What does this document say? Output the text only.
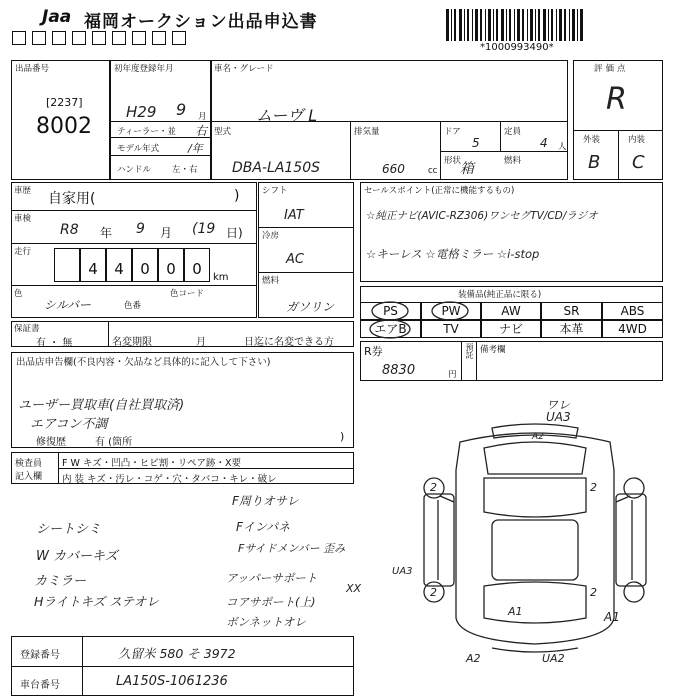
Jaa 福岡オークション出品申込書
*1000993490*
出品番号
[2237]
8002
初年度登録年月
H29 9 月
車名・グレード
ムーヴ L
ティーラー・並 右
モデル年式	/年
ハンドル 左・右
型式
DBA-LA150S
排気量
660	cc
ドア
5
定員
4 人
形状
箱	燃料
評価点
R
外装	内装
B C
車歴 自家用(	)
車検
R8 年 9 月 (19 日)
走行
4	4	0	0	0	km
色
シルバー	色番
色コード
シフト
IAT
冷房
AC
燃料
ガソリン
セールスポイント(正常に機能するもの)
☆純正ナビ(AVIC-RZ306)ワンセグTV/CD/ラジオ
☆キーレス ☆電格ミラー ☆i-stop
装備品(純正品に限る)
PS	PW	AW	SR	ABS
エアB	TV	ナビ	本革	4WD
保証書
有 ・ 無	名変期限	月	日迄に名変できる方
R券
8830	円
預託 備考欄
出品店申告欄(不良内容・欠品など具体的に記入して下さい)
ユーザー買取車(自社買取済)
エアコン不調
修復歴	有 (箇所	)
検査員
記入欄
F W キズ・凹凸・ヒビ割・リペア跡・X要
内 装 キズ・汚レ・コゲ・穴・タバコ・キレ・破レ
シートシミ
W カバーキズ
カミラー
Hライトキズ ステオレ
F周りオサレ
Fインパネ
Fサイドメンバー 歪み
アッパーサポート
コアサポート(上)
ボンネットオレ
XX
ワレ
UA3
A2
2	2
2	2
UA3
A1	A1
A2	UA2
登録番号	久留米 580 そ 3972
車台番号	LA150S-1061236
